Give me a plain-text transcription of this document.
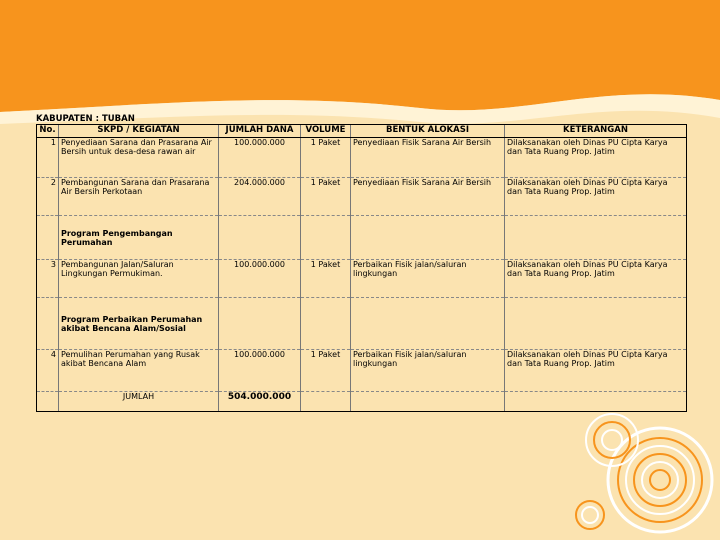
KABUPATEN : TUBAN
No.	SKPD / KEGIATAN	JUMLAH DANA	VOLUME	BENTUK ALOKASI	KETERANGAN
1	Penyediaan Sarana dan Prasarana Air Bersih untuk desa-desa rawan air	100.000.000	1 Paket	Penyediaan Fisik Sarana Air Bersih	Dilaksanakan oleh Dinas PU Cipta Karya dan Tata Ruang Prop. Jatim
2	Pembangunan Sarana dan Prasarana Air Bersih Perkotaan	204.000.000	1 Paket	Penyediaan Fisik Sarana Air Bersih	Dilaksanakan oleh Dinas PU Cipta Karya dan Tata Ruang Prop. Jatim
	Program Pengembangan Perumahan				
3	Pembangunan Jalan/Saluran Lingkungan Permukiman.	100.000.000	1 Paket	Perbaikan Fisik jalan/saluran lingkungan	Dilaksanakan oleh Dinas PU Cipta Karya dan Tata Ruang Prop. Jatim
	Program Perbaikan Perumahan akibat Bencana Alam/Sosial				
4	Pemulihan Perumahan yang Rusak akibat Bencana Alam	100.000.000	1 Paket	Perbaikan Fisik jalan/saluran lingkungan	Dilaksanakan oleh Dinas PU Cipta Karya dan Tata Ruang Prop. Jatim
	JUMLAH	504.000.000			
